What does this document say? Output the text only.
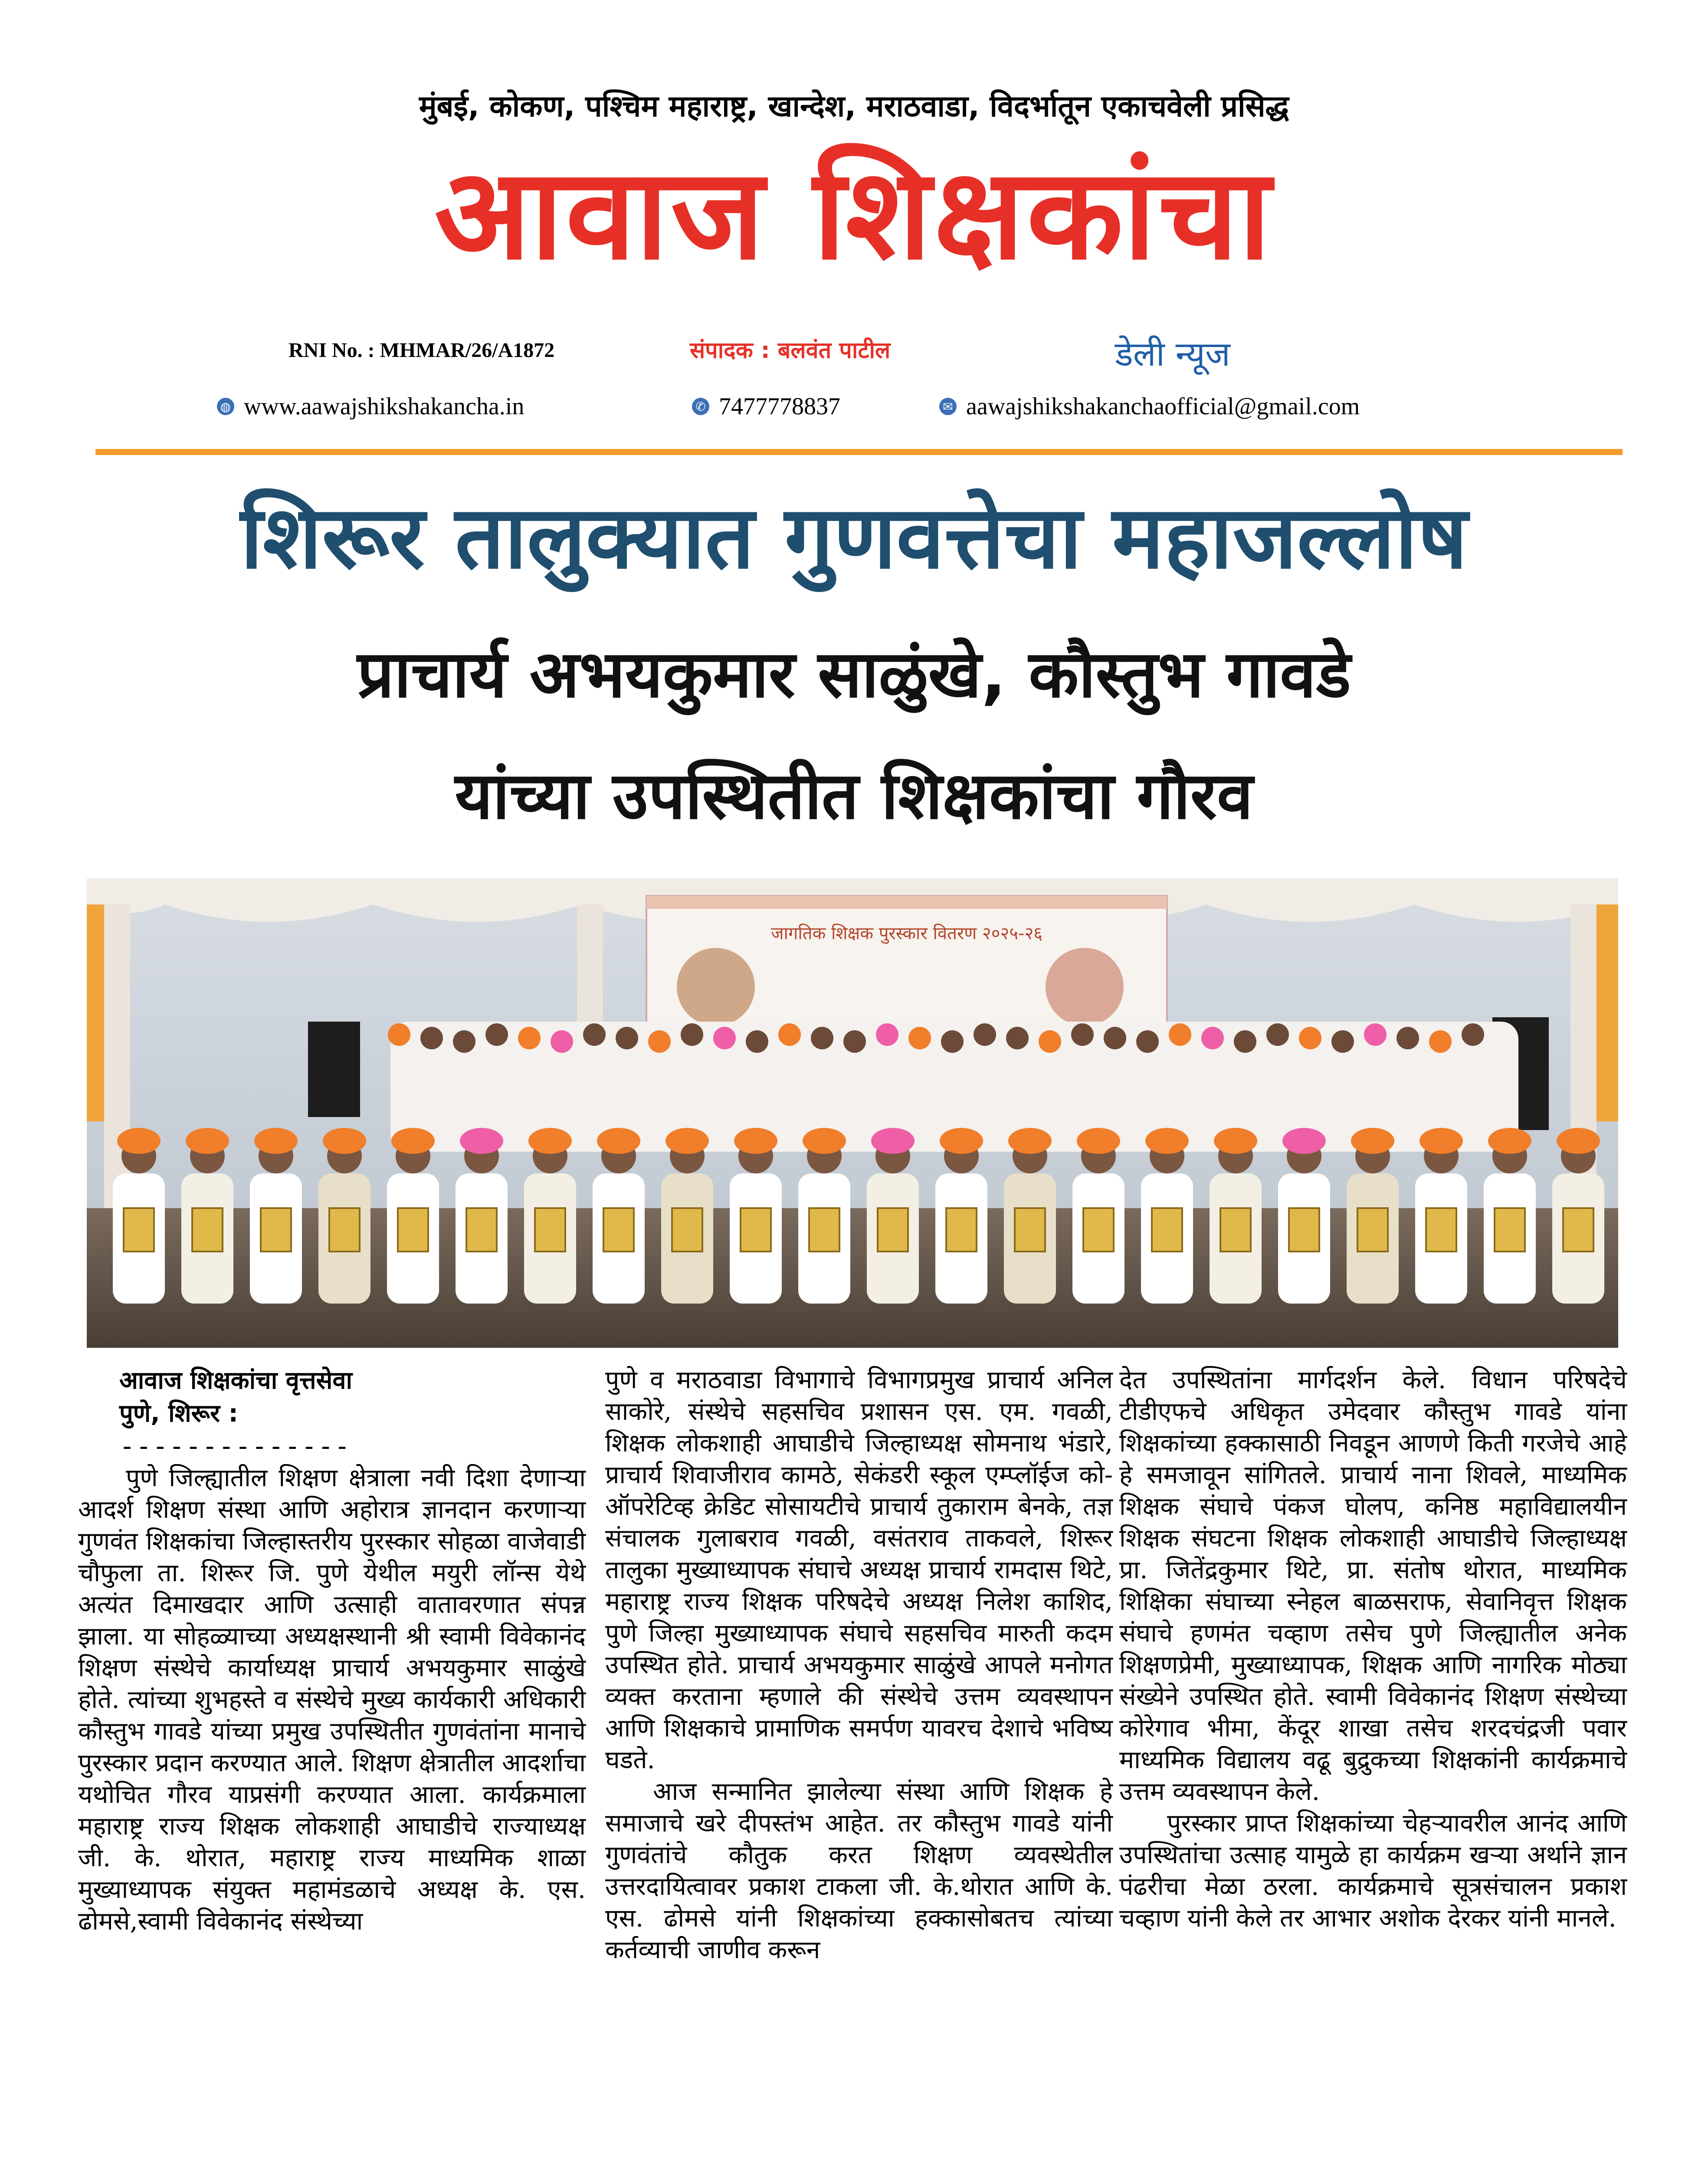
मुंबई, कोकण, पश्चिम महाराष्ट्र, खान्देश, मराठवाडा, विदर्भातून एकाचवेली प्रसिद्ध
आवाज शिक्षकांचा
RNI No. : MHMAR/26/A1872	संपादक : बलवंत पाटील	डेली न्यूज
◍ www.aawajshikshakancha.in	✆ 7477778837	✉ aawajshikshakanchaofficial@gmail.com
शिरूर तालुक्यात गुणवत्तेचा महाजल्लोष
प्राचार्य अभयकुमार साळुंखे, कौस्तुभ गावडे
यांच्या उपस्थितीत शिक्षकांचा गौरव
जागतिक शिक्षक पुरस्कार वितरण २०२५-२६
आवाज शिक्षकांचा वृत्तसेवा
पुणे, शिरूर :
--------------

पुणे जिल्ह्यातील शिक्षण क्षेत्राला नवी दिशा देणाऱ्या आदर्श शिक्षण संस्था आणि अहोरात्र ज्ञानदान करणाऱ्या गुणवंत शिक्षकांचा जिल्हास्तरीय पुरस्कार सोहळा वाजेवाडी चौफुला ता. शिरूर जि. पुणे येथील मयुरी लॉन्स येथे अत्यंत दिमाखदार आणि उत्साही वातावरणात संपन्न झाला. या सोहळ्याच्या अध्यक्षस्थानी श्री स्वामी विवेकानंद शिक्षण संस्थेचे कार्याध्यक्ष प्राचार्य अभयकुमार साळुंखे होते. त्यांच्या शुभहस्ते व संस्थेचे मुख्य कार्यकारी अधिकारी कौस्तुभ गावडे यांच्या प्रमुख उपस्थितीत गुणवंतांना मानाचे पुरस्कार प्रदान करण्यात आले. शिक्षण क्षेत्रातील आदर्शाचा यथोचित गौरव याप्रसंगी करण्यात आला. कार्यक्रमाला महाराष्ट्र राज्य शिक्षक लोकशाही आघाडीचे राज्याध्यक्ष जी. के. थोरात, महाराष्ट्र राज्य माध्यमिक शाळा मुख्याध्यापक संयुक्त महामंडळाचे अध्यक्ष के. एस. ढोमसे,स्वामी विवेकानंद संस्थेच्या

पुणे व मराठवाडा विभागाचे विभागप्रमुख प्राचार्य अनिल साकोरे, संस्थेचे सहसचिव प्रशासन एस. एम. गवळी, शिक्षक लोकशाही आघाडीचे जिल्हाध्यक्ष सोमनाथ भंडारे, प्राचार्य शिवाजीराव कामठे, सेकंडरी स्कूल एम्प्लॉईज को-ऑपरेटिव्ह क्रेडिट सोसायटीचे प्राचार्य तुकाराम बेनके, तज्ञ संचालक गुलाबराव गवळी, वसंतराव ताकवले, शिरूर तालुका मुख्याध्यापक संघाचे अध्यक्ष प्राचार्य रामदास थिटे, महाराष्ट्र राज्य शिक्षक परिषदेचे अध्यक्ष निलेश काशिद, पुणे जिल्हा मुख्याध्यापक संघाचे सहसचिव मारुती कदम उपस्थित होते. प्राचार्य अभयकुमार साळुंखे आपले मनोगत व्यक्त करताना म्हणाले की संस्थेचे उत्तम व्यवस्थापन आणि शिक्षकाचे प्रामाणिक समर्पण यावरच देशाचे भविष्य घडते.

आज सन्मानित झालेल्या संस्था आणि शिक्षक हे समाजाचे खरे दीपस्तंभ आहेत. तर कौस्तुभ गावडे यांनी गुणवंतांचे कौतुक करत शिक्षण व्यवस्थेतील उत्तरदायित्वावर प्रकाश टाकला जी. के.थोरात आणि के. एस. ढोमसे यांनी शिक्षकांच्या हक्कासोबतच त्यांच्या कर्तव्याची जाणीव करून

देत उपस्थितांना मार्गदर्शन केले. विधान परिषदेचे टीडीएफचे अधिकृत उमेदवार कौस्तुभ गावडे यांना शिक्षकांच्या हक्कासाठी निवडून आणणे किती गरजेचे आहे हे समजावून सांगितले. प्राचार्य नाना शिवले, माध्यमिक शिक्षक संघाचे पंकज घोलप, कनिष्ठ महाविद्यालयीन शिक्षक संघटना शिक्षक लोकशाही आघाडीचे जिल्हाध्यक्ष प्रा. जितेंद्रकुमार थिटे, प्रा. संतोष थोरात, माध्यमिक शिक्षिका संघाच्या स्नेहल बाळसराफ, सेवानिवृत्त शिक्षक संघाचे हणमंत चव्हाण तसेच पुणे जिल्ह्यातील अनेक शिक्षणप्रेमी, मुख्याध्यापक, शिक्षक आणि नागरिक मोठ्या संख्येने उपस्थित होते. स्वामी विवेकानंद शिक्षण संस्थेच्या कोरेगाव भीमा, केंदूर शाखा तसेच शरदचंद्रजी पवार माध्यमिक विद्यालय वढू बुद्रुकच्या शिक्षकांनी कार्यक्रमाचे उत्तम व्यवस्थापन केले.

पुरस्कार प्राप्त शिक्षकांच्या चेहऱ्यावरील आनंद आणि उपस्थितांचा उत्साह यामुळे हा कार्यक्रम खऱ्या अर्थाने ज्ञान पंढरीचा मेळा ठरला. कार्यक्रमाचे सूत्रसंचालन प्रकाश चव्हाण यांनी केले तर आभार अशोक देरकर यांनी मानले.
